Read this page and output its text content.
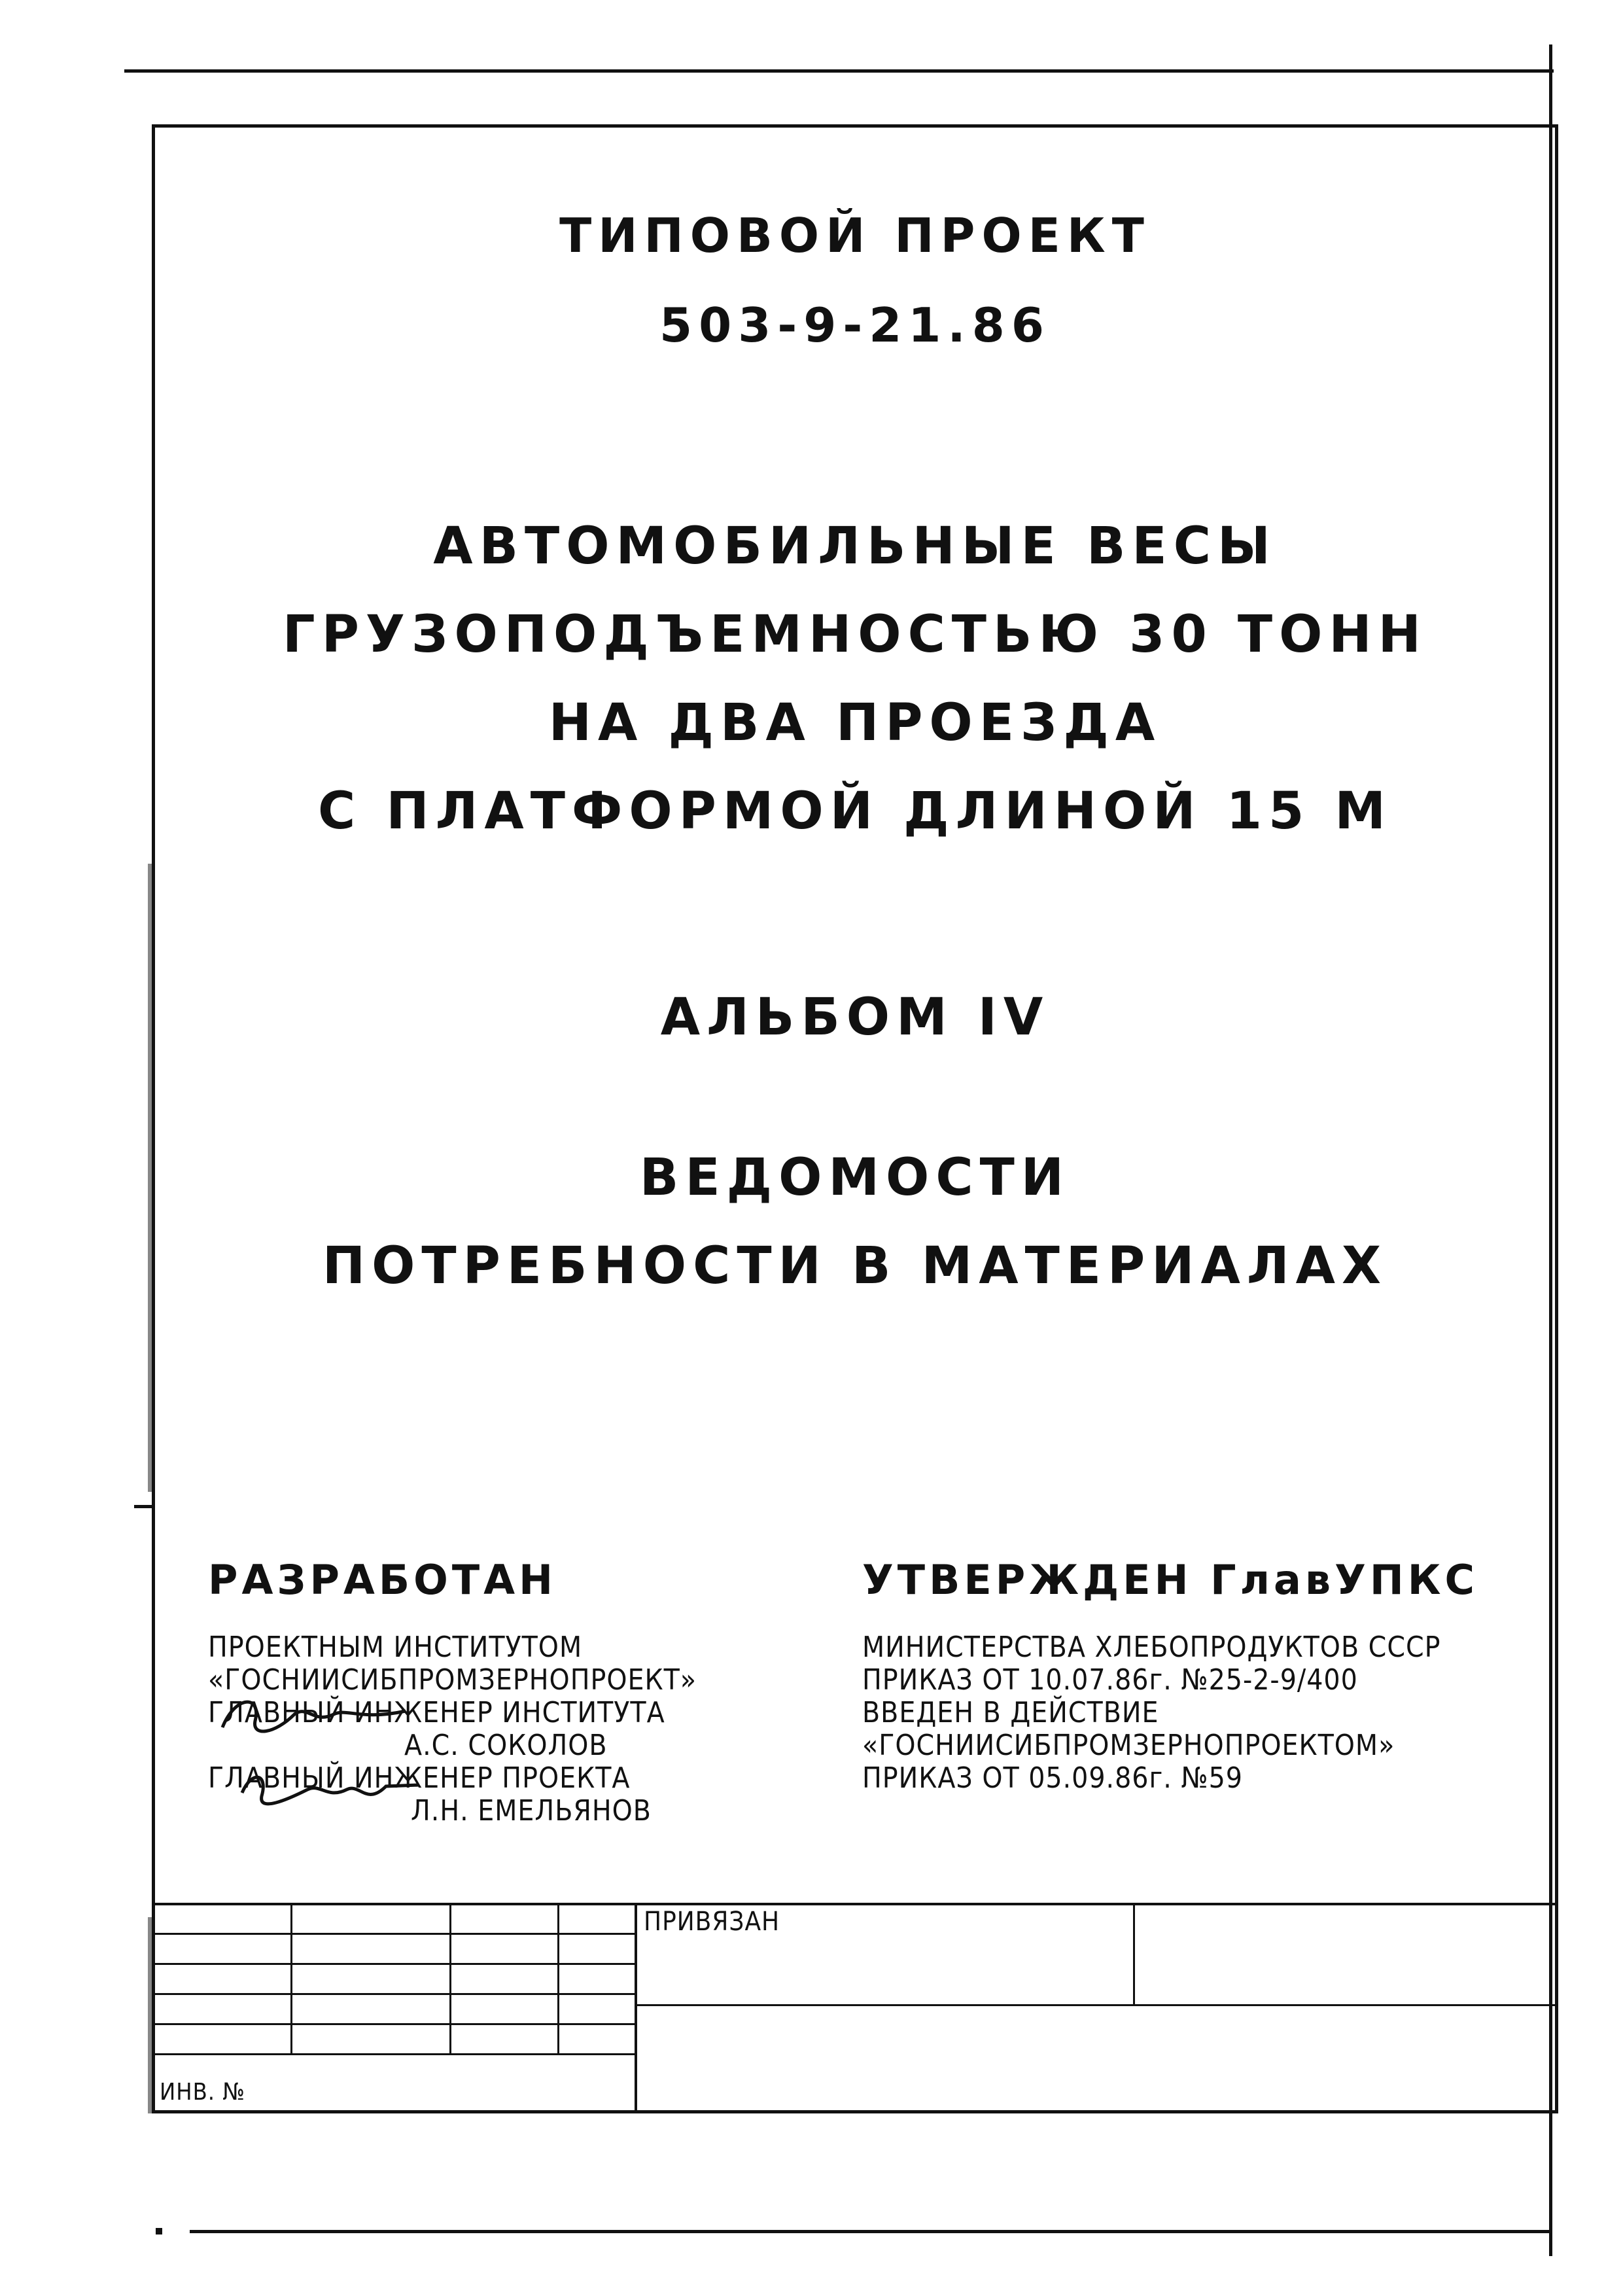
ТИПОВОЙ ПРОЕКТ
503-9-21.86
АВТОМОБИЛЬНЫЕ ВЕСЫ
ГРУЗОПОДЪЕМНОСТЬЮ 30 ТОНН
НА ДВА ПРОЕЗДА
С ПЛАТФОРМОЙ ДЛИНОЙ 15 М
АЛЬБОМ IV
ВЕДОМОСТИ
ПОТРЕБНОСТИ В МАТЕРИАЛАХ
РАЗРАБОТАН
ПРОЕКТНЫМ ИНСТИТУТОМ
«ГОСНИИСИБПРОМЗЕРНОПРОЕКТ»
ГЛАВНЫЙ ИНЖЕНЕР ИНСТИТУТА
А.С. СОКОЛОВ
ГЛАВНЫЙ ИНЖЕНЕР ПРОЕКТА
Л.Н. ЕМЕЛЬЯНОВ
УТВЕРЖДЕН ГлавУПКС
МИНИСТЕРСТВА ХЛЕБОПРОДУКТОВ СССР
ПРИКАЗ ОТ 10.07.86г. №25-2-9/400
ВВЕДЕН В ДЕЙСТВИЕ
«ГОСНИИСИБПРОМЗЕРНОПРОЕКТОМ»
ПРИКАЗ ОТ 05.09.86г. №59
ПРИВЯЗАН
ИНВ. №
